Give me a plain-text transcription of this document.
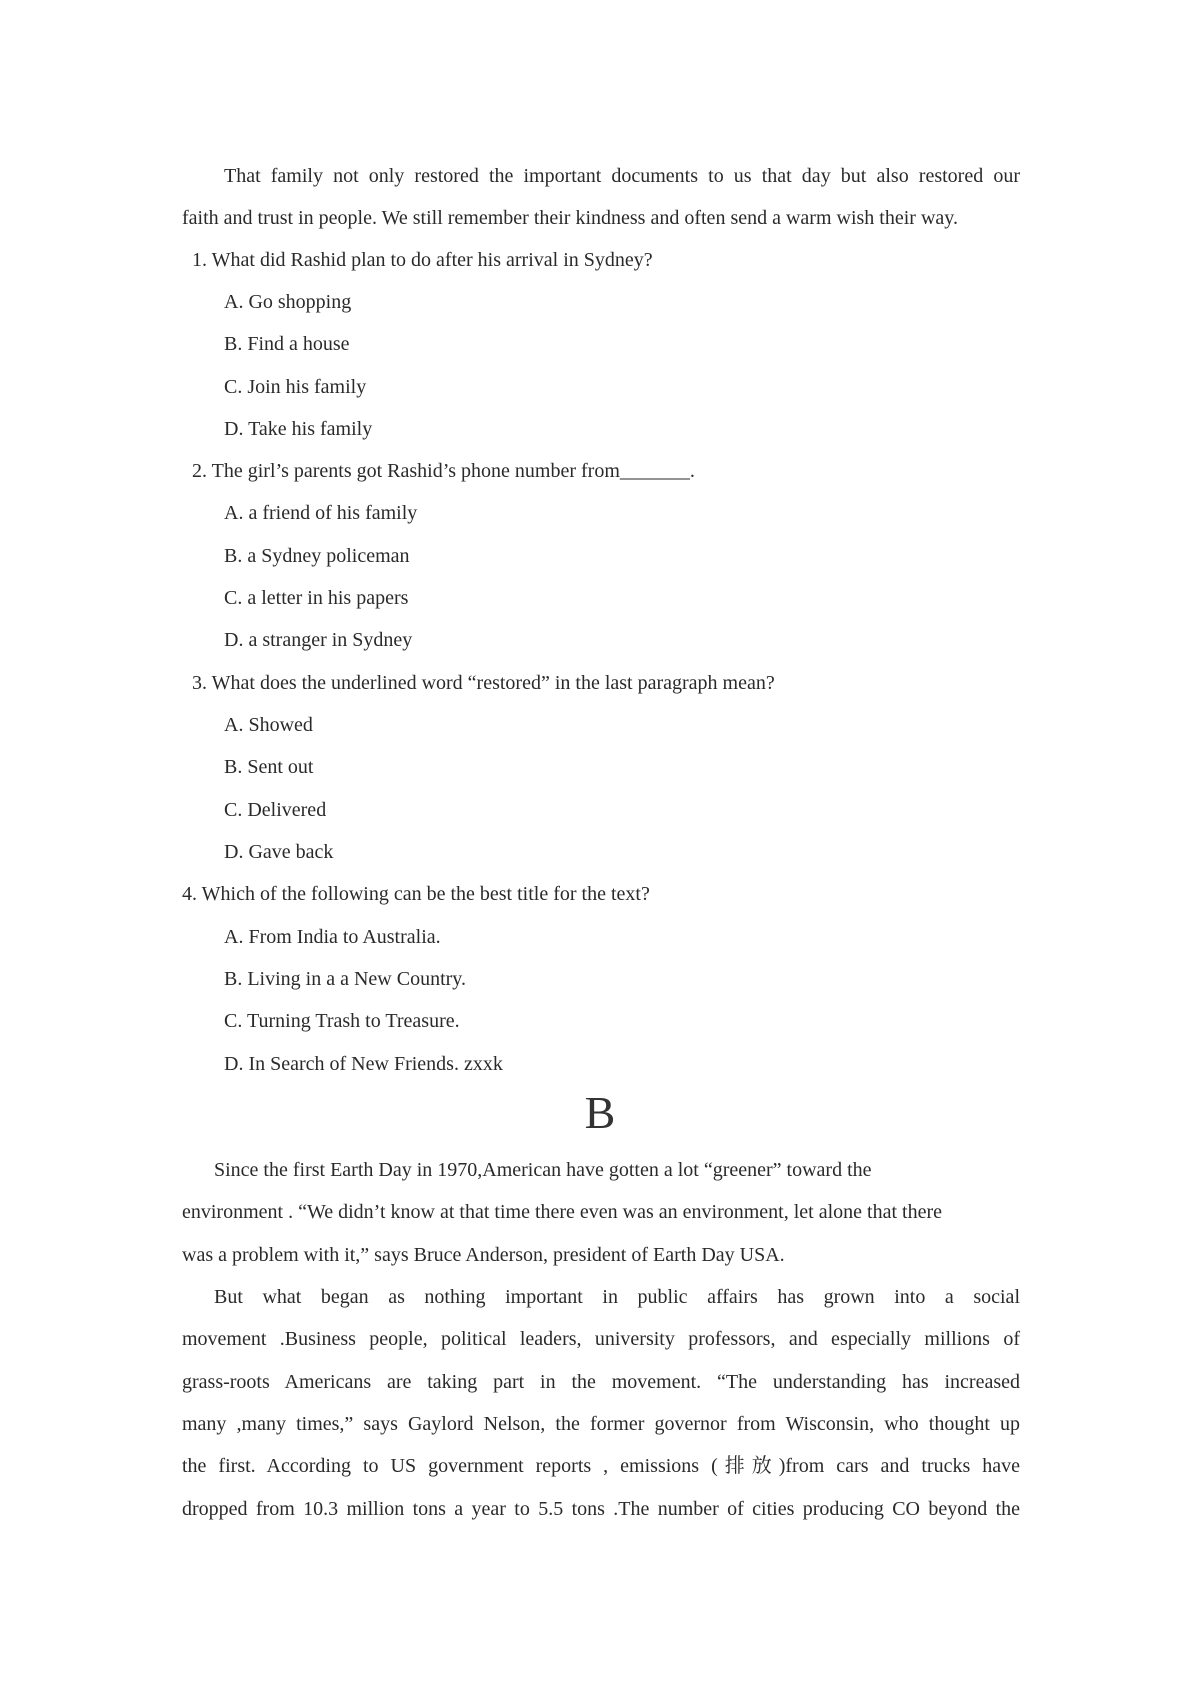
That family not only restored the important documents to us that day but also restored our
faith and trust in people. We still remember their kindness and often send a warm wish their way.
1. What did Rashid plan to do after his arrival in Sydney?
A. Go shopping
B. Find a house
C. Join his family
D. Take his family
2. The girl’s parents got Rashid’s phone number from_______.
A. a friend of his family
B. a Sydney policeman
C. a letter in his papers
D. a stranger in Sydney
3. What does the underlined word “restored” in the last paragraph mean?
A. Showed
B. Sent out
C. Delivered
D. Gave back
4. Which of the following can be the best title for the text?
A. From India to Australia.
B. Living in a a New Country.
C. Turning Trash to Treasure.
D. In Search of New Friends. zxxk
B
Since the first Earth Day in 1970,American have gotten a lot “greener” toward the
environment . “We didn’t know at that time there even was an environment, let alone that there
was a problem with it,” says Bruce Anderson, president of Earth Day USA.
But what began as nothing important in public affairs has grown into a social
movement .Business people, political leaders, university professors, and especially millions of
grass-roots Americans are taking part in the movement. “The understanding has increased
many ,many times,” says Gaylord Nelson, the former governor from Wisconsin, who thought up
the first. According to US government reports , emissions (排放)from cars and trucks have
dropped from 10.3 million tons a year to 5.5 tons .The number of cities producing CO beyond the
